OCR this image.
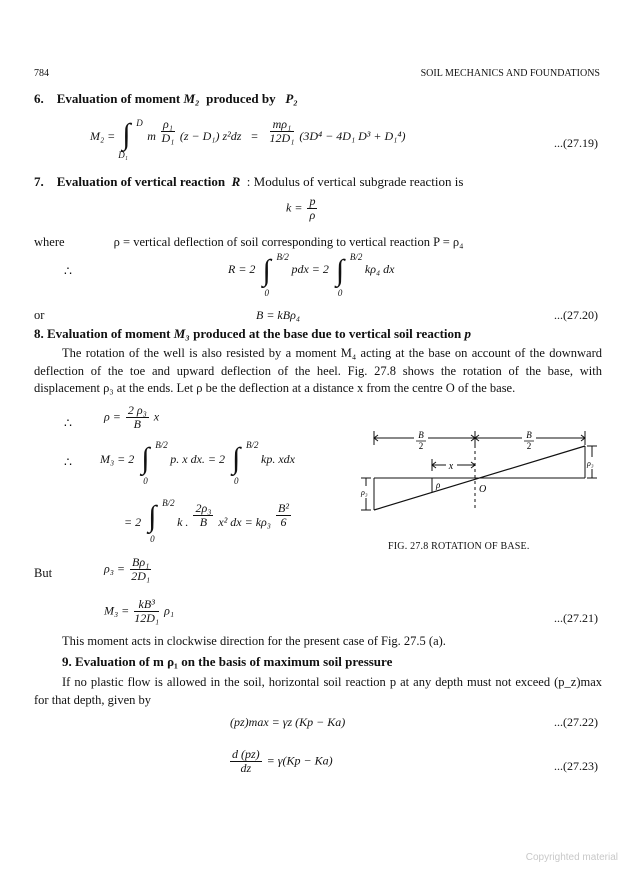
784	SOIL MECHANICS AND FOUNDATIONS
6. Evaluation of moment M₂ produced by P₂
M₂ = ∫ D
D₁
m $\frac{\text{ρ₁}}{\text{D₁}} (z - D_1) z^2dz = \frac{\text{mρ₁}}{\text{12D₁}} (3D^4 - 4D_1$ D³ + D₁⁴)	...(27.19)
7. Evaluation of vertical reaction R : Modulus of vertical subgrade reaction is
$k = \frac{p}{\rho}$
where	ρ = vertical deflection of soil corresponding to vertical reaction P = ρ₄
∴	R = 2 ∫ B/2
0
pdx = 2 ∫ B/2
0
kρ₄ dx
or	B = kBρ₄	...(27.20)
8. Evaluation of moment M₃ produced at the base due to vertical soil reaction p
The rotation of the well is also resisted by a moment M₄ acting at the base on account of the downward deflection of the toe and upward deflection of the heel. Fig. 27.8 shows the rotation of the base, with displacement ρ₃ at the ends. Let ρ be the deflection at a distance x from the centre O of the base.
∴	$\rho = \frac{\text{2 ρ₃}}{B}$ x
∴ M₃ = 2 ∫ B/2
0
p. x dx. = 2 ∫ B/2
0
kp. xdx
= 2 ∫ B/2
0
k . $\frac{\text{2ρ₃}}{B} x^2$ dx = $k\rho_3 \frac{\text{B²}}{6}$
B
2
B
2
x
ρ	O
ρ₃
ρ₃
FIG. 27.8 ROTATION OF BASE.
But	$\rho_3 = \frac{\text{Bρ₁}}{\text{2D₁}}$
$M_3 = \frac{\text{kB³}}{\text{12D₁}} \rho_1$
...(27.21)
This moment acts in clockwise direction for the present case of Fig. 27.5 (a).
9. Evaluation of m ρ₁ on the basis of maximum soil pressure
If no plastic flow is allowed in the soil, horizontal soil reaction p at any depth must not exceed (p_z)max for that depth, given by
(pz)max = γz (Kp − Ka)	...(27.22)
$\frac{d (pz)}{dz} = \gamma(Kp - Ka)$	...(27.23)
Copyrighted material
